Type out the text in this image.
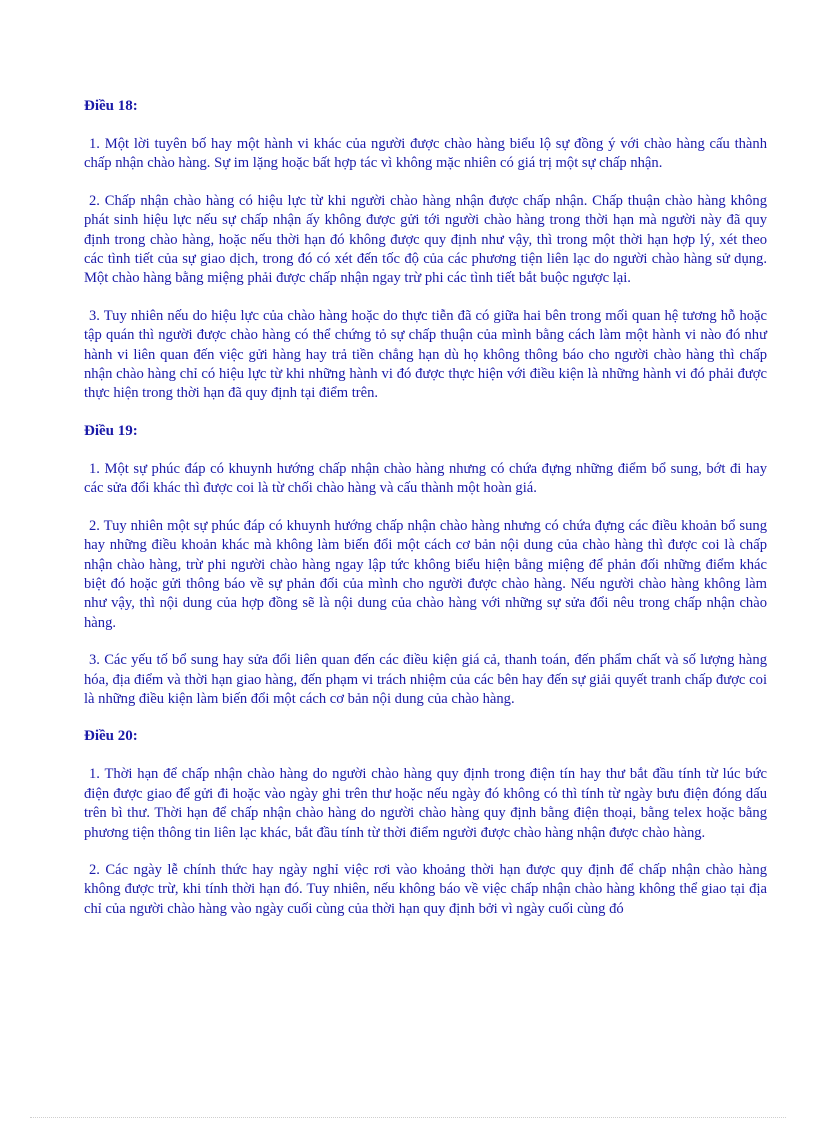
Điều 18:

1. Một lời tuyên bố hay một hành vi khác của người được chào hàng biểu lộ sự đồng ý với chào hàng cấu thành chấp nhận chào hàng. Sự im lặng hoặc bất hợp tác vì không mặc nhiên có giá trị một sự chấp nhận.

2. Chấp nhận chào hàng có hiệu lực từ khi người chào hàng nhận được chấp nhận. Chấp thuận chào hàng không phát sinh hiệu lực nếu sự chấp nhận ấy không được gửi tới người chào hàng trong thời hạn mà người này đã quy định trong chào hàng, hoặc nếu thời hạn đó không được quy định như vậy, thì trong một thời hạn hợp lý, xét theo các tình tiết của sự giao dịch, trong đó có xét đến tốc độ của các phương tiện liên lạc do người chào hàng sử dụng. Một chào hàng bằng miệng phải được chấp nhận ngay trừ phi các tình tiết bắt buộc ngược lại.

3. Tuy nhiên nếu do hiệu lực của chào hàng hoặc do thực tiễn đã có giữa hai bên trong mối quan hệ tương hỗ hoặc tập quán thì người được chào hàng có thể chứng tỏ sự chấp thuận của mình bằng cách làm một hành vi nào đó như hành vi liên quan đến việc gửi hàng hay trả tiền chẳng hạn dù họ không thông báo cho người chào hàng thì chấp nhận chào hàng chỉ có hiệu lực từ khi những hành vi đó được thực hiện với điều kiện là những hành vi đó phải được thực hiện trong thời hạn đã quy định tại điểm trên.

Điều 19:

1. Một sự phúc đáp có khuynh hướng chấp nhận chào hàng nhưng có chứa đựng những điểm bổ sung, bớt đi hay các sửa đổi khác thì được coi là từ chối chào hàng và cấu thành một hoàn giá.

2. Tuy nhiên một sự phúc đáp có khuynh hướng chấp nhận chào hàng nhưng có chứa đựng các điều khoản bổ sung hay những điều khoản khác mà không làm biến đổi một cách cơ bản nội dung của chào hàng thì được coi là chấp nhận chào hàng, trừ phi người chào hàng ngay lập tức không biểu hiện bằng miệng để phản đối những điểm khác biệt đó hoặc gửi thông báo về sự phản đối của mình cho người được chào hàng. Nếu người chào hàng không làm như vậy, thì nội dung của hợp đồng sẽ là nội dung của chào hàng với những sự sửa đổi nêu trong chấp nhận chào hàng.

3. Các yếu tố bổ sung hay sửa đổi liên quan đến các điều kiện giá cả, thanh toán, đến phẩm chất và số lượng hàng hóa, địa điểm và thời hạn giao hàng, đến phạm vi trách nhiệm của các bên hay đến sự giải quyết tranh chấp được coi là những điều kiện làm biến đổi một cách cơ bản nội dung của chào hàng.

Điều 20:

1. Thời hạn để chấp nhận chào hàng do người chào hàng quy định trong điện tín hay thư bắt đầu tính từ lúc bức điện được giao để gửi đi hoặc vào ngày ghi trên thư hoặc nếu ngày đó không có thì tính từ ngày bưu điện đóng dấu trên bì thư. Thời hạn để chấp nhận chào hàng do người chào hàng quy định bằng điện thoại, bằng telex hoặc bằng phương tiện thông tin liên lạc khác, bắt đầu tính từ thời điểm người được chào hàng nhận được chào hàng.

2. Các ngày lễ chính thức hay ngày nghỉ việc rơi vào khoảng thời hạn được quy định để chấp nhận chào hàng không được trừ, khi tính thời hạn đó. Tuy nhiên, nếu không báo về việc chấp nhận chào hàng không thể giao tại địa chỉ của người chào hàng vào ngày cuối cùng của thời hạn quy định bởi vì ngày cuối cùng đó
